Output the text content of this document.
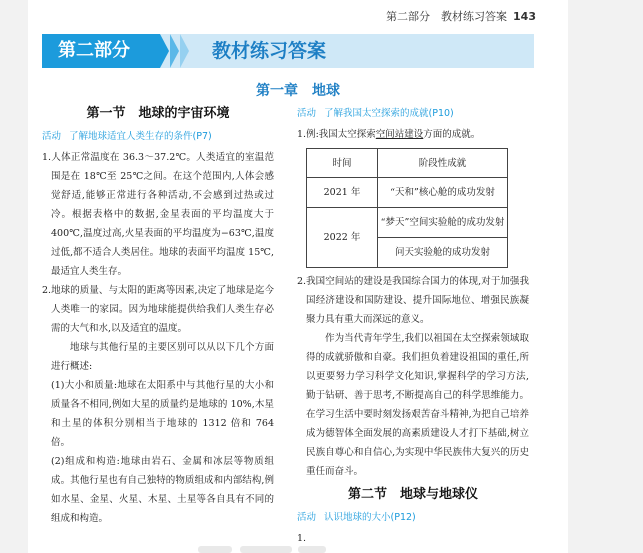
第二部分　教材练习答案 143
第二部分	教材练习答案
第一章　地球
第一节　地球的宇宙环境
活动 了解地球适宜人类生存的条件(P7)

1.人体正常温度在 36.3～37.2℃。人类适宜的室温范围是在 18℃至 25℃之间。在这个范围内,人体会感觉舒适,能够正常进行各种活动,不会感到过热或过冷。根据表格中的数据,金星表面的平均温度大于 400℃,温度过高,火星表面的平均温度为−63℃,温度过低,都不适合人类居住。地球的表面平均温度 15℃,最适宜人类生存。

2.地球的质量、与太阳的距离等因素,决定了地球是迄今人类唯一的家园。因为地球能提供给我们人类生存必需的大气和水,以及适宜的温度。

地球与其他行星的主要区别可以从以下几个方面进行概述:

(1)大小和质量:地球在太阳系中与其他行星的大小和质量各不相同,例如大星的质量约是地球的 10%,木星和土星的体积分别相当于地球的 1312 倍和 764 倍。

(2)组成和构造:地球由岩石、金属和冰层等物质组成。其他行星也有自己独特的物质组成和内部结构,例如水星、金星、火星、木星、土星等各自具有不同的组成和构造。

活动 了解我国太空探索的成就(P10)

1.例:我国太空探索空间站建设方面的成就。

时间	阶段性成就
2021 年	“天和”核心舱的成功发射
2022 年	“梦天”空间实验舱的成功发射
	问天实验舱的成功发射

2.我国空间站的建设是我国综合国力的体现,对于加强我国经济建设和国防建设、提升国际地位、增强民族凝聚力具有重大而深远的意义。

作为当代青年学生,我们以祖国在太空探索领域取得的成就骄傲和自豪。我们担负着建设祖国的重任,所以更要努力学习科学文化知识,掌握科学的学习方法,勤于钻研、善于思考,不断提高自己的科学思维能力。在学习生活中要时刻发扬艰苦奋斗精神,为把自己培养成为德智体全面发展的高素质建设人才打下基础,树立民族自尊心和自信心,为实现中华民族伟大复兴的历史重任而奋斗。

第二节　地球与地球仪
活动 认识地球的大小(P12)

1.
